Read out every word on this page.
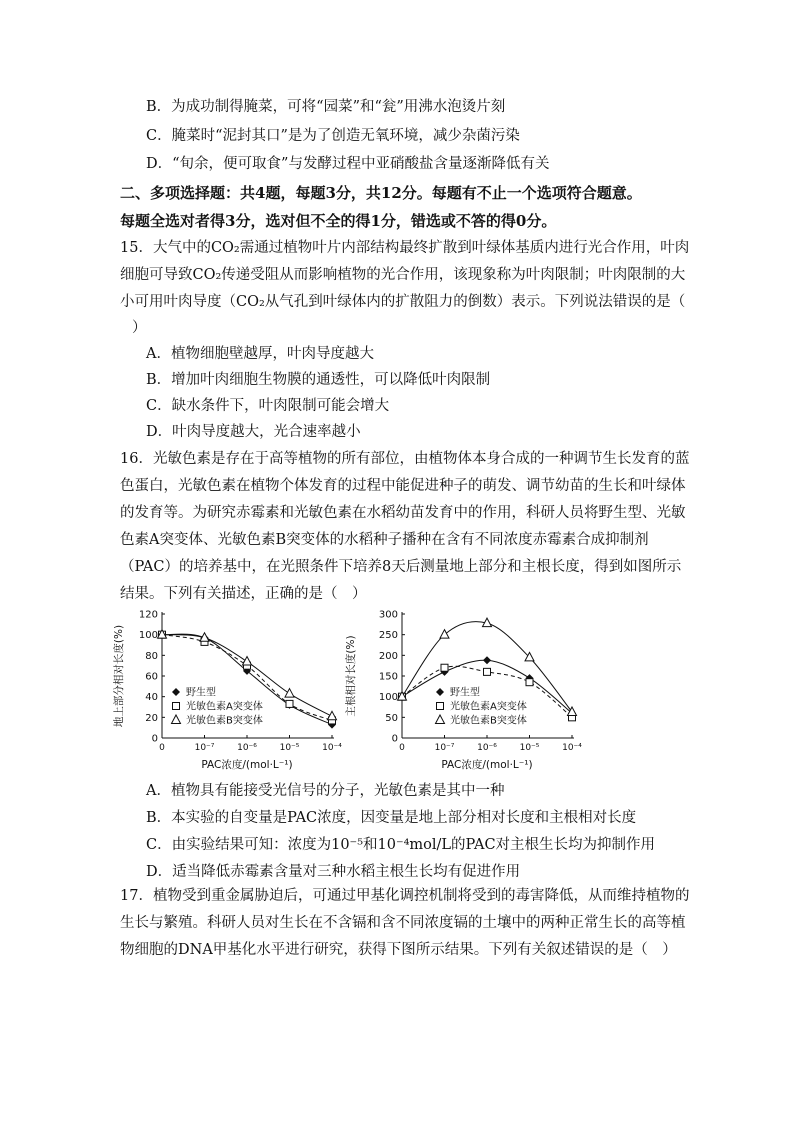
B．为成功制得腌菜，可将“园菜”和“瓮”用沸水泡烫片刻
C．腌菜时“泥封其口”是为了创造无氧环境，减少杂菌污染
D．“旬余，便可取食”与发酵过程中亚硝酸盐含量逐渐降低有关
二、多项选择题：共4题，每题3分，共12分。每题有不止一个选项符合题意。
每题全选对者得3分，选对但不全的得1分，错选或不答的得0分。
15．大气中的CO₂需通过植物叶片内部结构最终扩散到叶绿体基质内进行光合作用，叶肉
细胞可导致CO₂传递受阻从而影响植物的光合作用，该现象称为叶肉限制；叶肉限制的大
小可用叶肉导度（CO₂从气孔到叶绿体内的扩散阻力的倒数）表示。下列说法错误的是（
）
A．植物细胞壁越厚，叶肉导度越大
B．增加叶肉细胞生物膜的通透性，可以降低叶肉限制
C．缺水条件下，叶肉限制可能会增大
D．叶肉导度越大，光合速率越小
16．光敏色素是存在于高等植物的所有部位，由植物体本身合成的一种调节生长发育的蓝
色蛋白，光敏色素在植物个体发育的过程中能促进种子的萌发、调节幼苗的生长和叶绿体
的发育等。为研究赤霉素和光敏色素在水稻幼苗发育中的作用，科研人员将野生型、光敏
色素A突变体、光敏色素B突变体的水稻种子播种在含有不同浓度赤霉素合成抑制剂
（PAC）的培养基中，在光照条件下培养8天后测量地上部分和主根长度，得到如图所示
结果。下列有关描述，正确的是（　）
0
20
40
60
80
100
120
0	10⁻⁷	10⁻⁶	10⁻⁵	10⁻⁴
PAC浓度/(mol·L⁻¹)
地上部分相对长度(%)	野生型
光敏色素A突变体
光敏色素B突变体
0
50
100
150
200
250
300
0	10⁻⁷	10⁻⁶	10⁻⁵	10⁻⁴
PAC浓度/(mol·L⁻¹)
主根相对长度(%)	野生型
光敏色素A突变体
光敏色素B突变体
A．植物具有能接受光信号的分子，光敏色素是其中一种
B．本实验的自变量是PAC浓度，因变量是地上部分相对长度和主根相对长度
C．由实验结果可知：浓度为10⁻⁵和10⁻⁴mol/L的PAC对主根生长均为抑制作用
D．适当降低赤霉素含量对三种水稻主根生长均有促进作用
17．植物受到重金属胁迫后，可通过甲基化调控机制将受到的毒害降低，从而维持植物的
生长与繁殖。科研人员对生长在不含镉和含不同浓度镉的土壤中的两种正常生长的高等植
物细胞的DNA甲基化水平进行研究，获得下图所示结果。下列有关叙述错误的是（　）
